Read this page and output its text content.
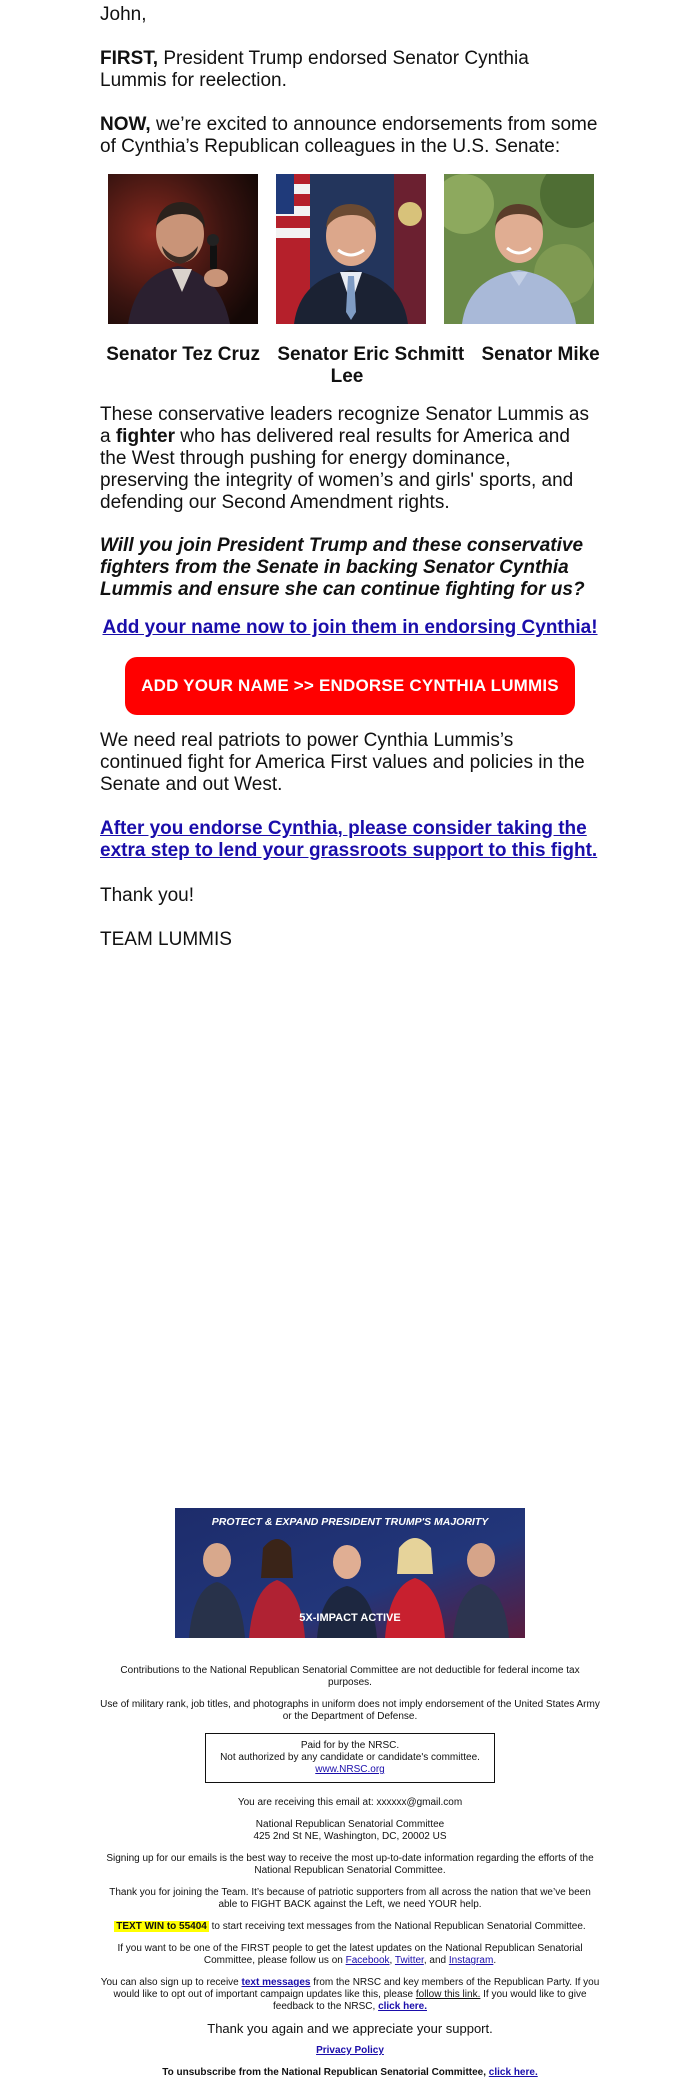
John,

FIRST, President Trump endorsed Senator Cynthia Lummis for reelection.

NOW, we’re excited to announce endorsements from some of Cynthia’s Republican colleagues in the U.S. Senate:

Senator Tez Cruz Senator Eric Schmitt Senator Mike Lee

These conservative leaders recognize Senator Lummis as a fighter who has delivered real results for America and the West through pushing for energy dominance, preserving the integrity of women’s and girls' sports, and defending our Second Amendment rights.

Will you join President Trump and these conservative fighters from the Senate in backing Senator Cynthia Lummis and ensure she can continue fighting for us?

Add your name now to join them in endorsing Cynthia!
ADD YOUR NAME >> ENDORSE CYNTHIA LUMMIS

We need real patriots to power Cynthia Lummis’s continued fight for America First values and policies in the Senate and out West.

After you endorse Cynthia, please consider taking the extra step to lend your grassroots support to this fight.

Thank you!

TEAM LUMMIS

PROTECT & EXPAND PRESIDENT TRUMP'S MAJORITY
5X-IMPACT ACTIVE

Contributions to the National Republican Senatorial Committee are not deductible for federal income tax purposes.

Use of military rank, job titles, and photographs in uniform does not imply endorsement of the United States Army or the Department of Defense.

Paid for by the NRSC.
Not authorized by any candidate or candidate's committee.
www.NRSC.org

You are receiving this email at: xxxxxx@gmail.com

National Republican Senatorial Committee
425 2nd St NE, Washington, DC, 20002 US

Signing up for our emails is the best way to receive the most up-to-date information regarding the efforts of the National Republican Senatorial Committee.

Thank you for joining the Team. It’s because of patriotic supporters from all across the nation that we’ve been able to FIGHT BACK against the Left, we need YOUR help.

TEXT WIN to 55404 to start receiving text messages from the National Republican Senatorial Committee.

If you want to be one of the FIRST people to get the latest updates on the National Republican Senatorial Committee, please follow us on Facebook, Twitter, and Instagram.

You can also sign up to receive text messages from the NRSC and key members of the Republican Party. If you would like to opt out of important campaign updates like this, please follow this link. If you would like to give feedback to the NRSC, click here.

Thank you again and we appreciate your support.

Privacy Policy

To unsubscribe from the National Republican Senatorial Committee, click here.
